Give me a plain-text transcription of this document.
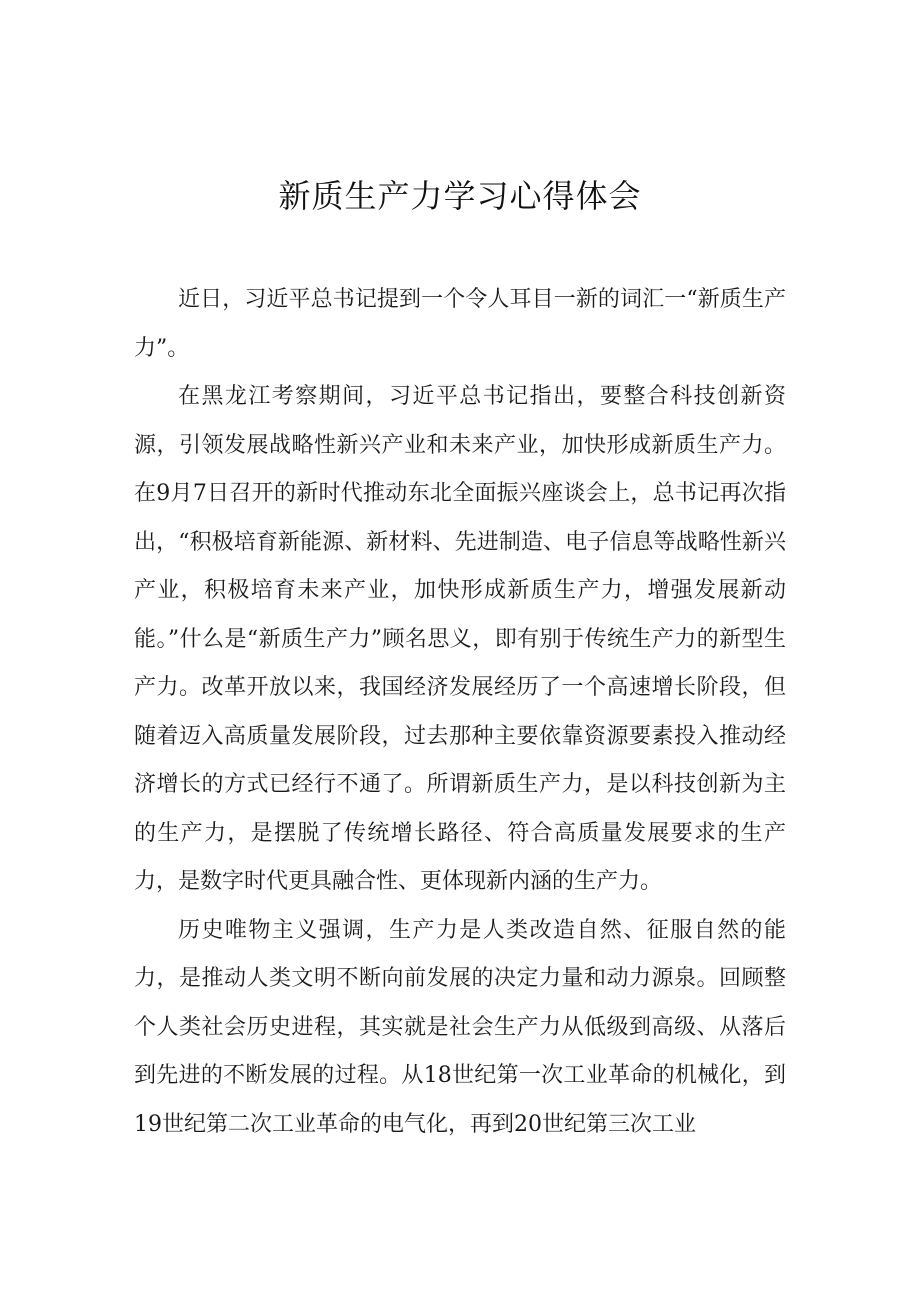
新质生产力学习心得体会

近日，习近平总书记提到一个令人耳目一新的词汇一“新质生产力”。

在黑龙江考察期间，习近平总书记指出，要整合科技创新资源，引领发展战略性新兴产业和未来产业，加快形成新质生产力。在9月7日召开的新时代推动东北全面振兴座谈会上，总书记再次指出，“积极培育新能源、新材料、先进制造、电子信息等战略性新兴产业，积极培育未来产业，加快形成新质生产力，增强发展新动能。”什么是“新质生产力”顾名思义，即有别于传统生产力的新型生产力。改革开放以来，我国经济发展经历了一个高速增长阶段，但随着迈入高质量发展阶段，过去那种主要依靠资源要素投入推动经济增长的方式已经行不通了。所谓新质生产力，是以科技创新为主的生产力，是摆脱了传统增长路径、符合高质量发展要求的生产力，是数字时代更具融合性、更体现新内涵的生产力。

历史唯物主义强调，生产力是人类改造自然、征服自然的能力，是推动人类文明不断向前发展的决定力量和动力源泉。回顾整个人类社会历史进程，其实就是社会生产力从低级到高级、从落后到先进的不断发展的过程。从18世纪第一次工业革命的机械化，到19世纪第二次工业革命的电气化，再到20世纪第三次工业
